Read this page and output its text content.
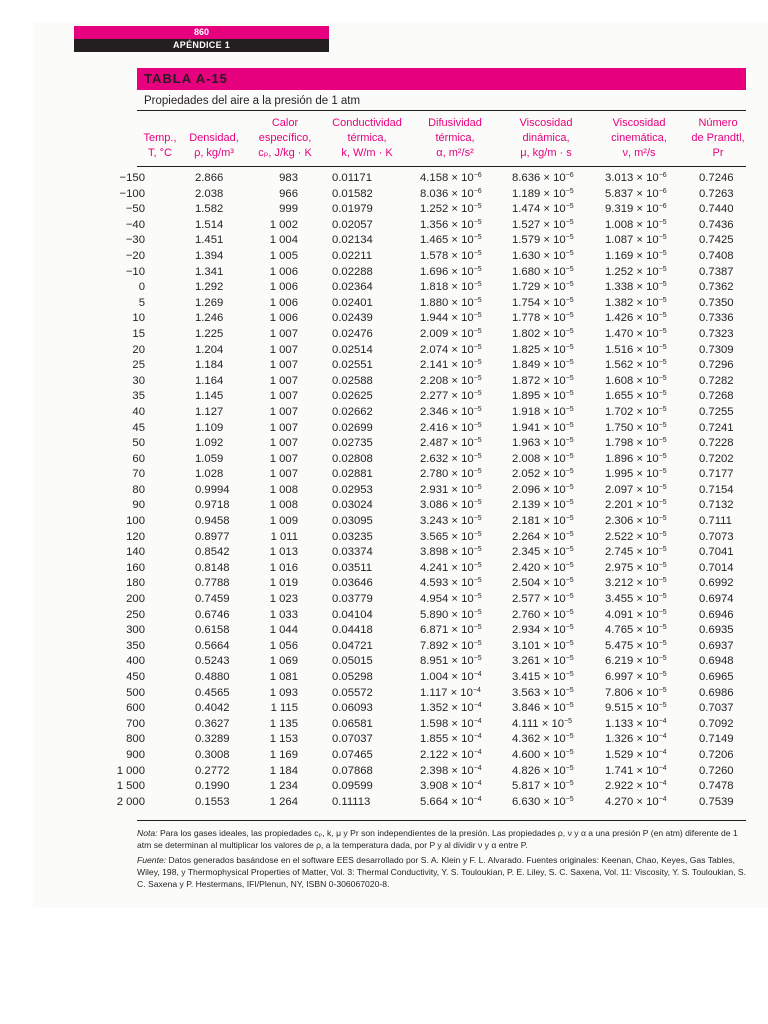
860
APÉNDICE 1
TABLA A-15
Propiedades del aire a la presión de 1 atm

Temp.,
T, °C

Densidad,
ρ, kg/m³
Calor
específico,
cₚ, J/kg · K
Conductividad
térmica,
k, W/m · K
Difusividad
térmica,
α, m²/s²
Viscosidad
dinámica,
μ, kg/m · s
Viscosidad
cinemática,
ν, m²/s
Número
de Prandtl,
Pr
−150	2.866	983	0.01171	$4.158 \times 10^{-6}$	$8.636 \times 10^{-6}$	$3.013 \times 10^{-6}$	0.7246
−100	2.038	966	0.01582	$8.036 \times 10^{-6}$	$1.189 \times 10^{-5}$	$5.837 \times 10^{-6}$	0.7263
−50	1.582	999	0.01979	$1.252 \times 10^{-5}$	$1.474 \times 10^{-5}$	$9.319 \times 10^{-6}$	0.7440
−40	1.514	1 002	0.02057	$1.356 \times 10^{-5}$	$1.527 \times 10^{-5}$	$1.008 \times 10^{-5}$	0.7436
−30	1.451	1 004	0.02134	$1.465 \times 10^{-5}$	$1.579 \times 10^{-5}$	$1.087 \times 10^{-5}$	0.7425
−20	1.394	1 005	0.02211	$1.578 \times 10^{-5}$	$1.630 \times 10^{-5}$	$1.169 \times 10^{-5}$	0.7408
−10	1.341	1 006	0.02288	$1.696 \times 10^{-5}$	$1.680 \times 10^{-5}$	$1.252 \times 10^{-5}$	0.7387
0	1.292	1 006	0.02364	$1.818 \times 10^{-5}$	$1.729 \times 10^{-5}$	$1.338 \times 10^{-5}$	0.7362
5	1.269	1 006	0.02401	$1.880 \times 10^{-5}$	$1.754 \times 10^{-5}$	$1.382 \times 10^{-5}$	0.7350
10	1.246	1 006	0.02439	$1.944 \times 10^{-5}$	$1.778 \times 10^{-5}$	$1.426 \times 10^{-5}$	0.7336
15	1.225	1 007	0.02476	$2.009 \times 10^{-5}$	$1.802 \times 10^{-5}$	$1.470 \times 10^{-5}$	0.7323
20	1.204	1 007	0.02514	$2.074 \times 10^{-5}$	$1.825 \times 10^{-5}$	$1.516 \times 10^{-5}$	0.7309
25	1.184	1 007	0.02551	$2.141 \times 10^{-5}$	$1.849 \times 10^{-5}$	$1.562 \times 10^{-5}$	0.7296
30	1.164	1 007	0.02588	$2.208 \times 10^{-5}$	$1.872 \times 10^{-5}$	$1.608 \times 10^{-5}$	0.7282
35	1.145	1 007	0.02625	$2.277 \times 10^{-5}$	$1.895 \times 10^{-5}$	$1.655 \times 10^{-5}$	0.7268
40	1.127	1 007	0.02662	$2.346 \times 10^{-5}$	$1.918 \times 10^{-5}$	$1.702 \times 10^{-5}$	0.7255
45	1.109	1 007	0.02699	$2.416 \times 10^{-5}$	$1.941 \times 10^{-5}$	$1.750 \times 10^{-5}$	0.7241
50	1.092	1 007	0.02735	$2.487 \times 10^{-5}$	$1.963 \times 10^{-5}$	$1.798 \times 10^{-5}$	0.7228
60	1.059	1 007	0.02808	$2.632 \times 10^{-5}$	$2.008 \times 10^{-5}$	$1.896 \times 10^{-5}$	0.7202
70	1.028	1 007	0.02881	$2.780 \times 10^{-5}$	$2.052 \times 10^{-5}$	$1.995 \times 10^{-5}$	0.7177
80	0.9994	1 008	0.02953	$2.931 \times 10^{-5}$	$2.096 \times 10^{-5}$	$2.097 \times 10^{-5}$	0.7154
90	0.9718	1 008	0.03024	$3.086 \times 10^{-5}$	$2.139 \times 10^{-5}$	$2.201 \times 10^{-5}$	0.7132
100	0.9458	1 009	0.03095	$3.243 \times 10^{-5}$	$2.181 \times 10^{-5}$	$2.306 \times 10^{-5}$	0.7111
120	0.8977	1 011	0.03235	$3.565 \times 10^{-5}$	$2.264 \times 10^{-5}$	$2.522 \times 10^{-5}$	0.7073
140	0.8542	1 013	0.03374	$3.898 \times 10^{-5}$	$2.345 \times 10^{-5}$	$2.745 \times 10^{-5}$	0.7041
160	0.8148	1 016	0.03511	$4.241 \times 10^{-5}$	$2.420 \times 10^{-5}$	$2.975 \times 10^{-5}$	0.7014
180	0.7788	1 019	0.03646	$4.593 \times 10^{-5}$	$2.504 \times 10^{-5}$	$3.212 \times 10^{-5}$	0.6992
200	0.7459	1 023	0.03779	$4.954 \times 10^{-5}$	$2.577 \times 10^{-5}$	$3.455 \times 10^{-5}$	0.6974
250	0.6746	1 033	0.04104	$5.890 \times 10^{-5}$	$2.760 \times 10^{-5}$	$4.091 \times 10^{-5}$	0.6946
300	0.6158	1 044	0.04418	$6.871 \times 10^{-5}$	$2.934 \times 10^{-5}$	$4.765 \times 10^{-5}$	0.6935
350	0.5664	1 056	0.04721	$7.892 \times 10^{-5}$	$3.101 \times 10^{-5}$	$5.475 \times 10^{-5}$	0.6937
400	0.5243	1 069	0.05015	$8.951 \times 10^{-5}$	$3.261 \times 10^{-5}$	$6.219 \times 10^{-5}$	0.6948
450	0.4880	1 081	0.05298	$1.004 \times 10^{-4}$	$3.415 \times 10^{-5}$	$6.997 \times 10^{-5}$	0.6965
500	0.4565	1 093	0.05572	$1.117 \times 10^{-4}$	$3.563 \times 10^{-5}$	$7.806 \times 10^{-5}$	0.6986
600	0.4042	1 115	0.06093	$1.352 \times 10^{-4}$	$3.846 \times 10^{-5}$	$9.515 \times 10^{-5}$	0.7037
700	0.3627	1 135	0.06581	$1.598 \times 10^{-4}$	$4.111 \times 10^{-5}$	$1.133 \times 10^{-4}$	0.7092
800	0.3289	1 153	0.07037	$1.855 \times 10^{-4}$	$4.362 \times 10^{-5}$	$1.326 \times 10^{-4}$	0.7149
900	0.3008	1 169	0.07465	$2.122 \times 10^{-4}$	$4.600 \times 10^{-5}$	$1.529 \times 10^{-4}$	0.7206
1 000	0.2772	1 184	0.07868	$2.398 \times 10^{-4}$	$4.826 \times 10^{-5}$	$1.741 \times 10^{-4}$	0.7260
1 500	0.1990	1 234	0.09599	$3.908 \times 10^{-4}$	$5.817 \times 10^{-5}$	$2.922 \times 10^{-4}$	0.7478
2 000	0.1553	1 264	0.11113	$5.664 \times 10^{-4}$	$6.630 \times 10^{-5}$	$4.270 \times 10^{-4}$	0.7539

Nota: Para los gases ideales, las propiedades cₚ, k, μ y Pr son independientes de la presión. Las propiedades ρ, ν y α a una presión P (en atm) diferente de 1 atm se determinan al multiplicar los valores de ρ, a la temperatura dada, por P y al dividir ν y α entre P.

Fuente: Datos generados basándose en el software EES desarrollado por S. A. Klein y F. L. Alvarado. Fuentes originales: Keenan, Chao, Keyes, Gas Tables, Wiley, 198, y Thermophysical Properties of Matter, Vol. 3: Thermal Conductivity, Y. S. Touloukian, P. E. Liley, S. C. Saxena, Vol. 11: Viscosity, Y. S. Touloukian, S. C. Saxena y P. Hestermans, IFI/Plenun, NY, ISBN 0-306067020-8.
